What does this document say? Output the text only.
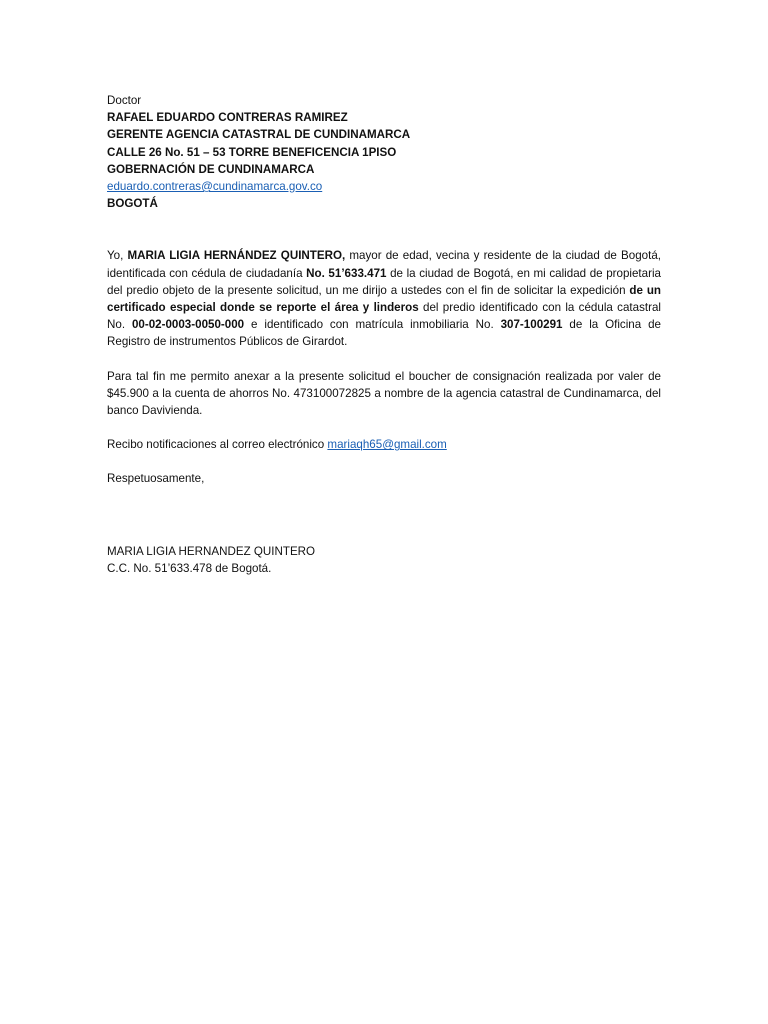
Doctor
RAFAEL EDUARDO CONTRERAS RAMIREZ
GERENTE AGENCIA CATASTRAL DE CUNDINAMARCA
CALLE 26 No. 51 – 53 TORRE BENEFICENCIA 1PISO
GOBERNACIÓN DE CUNDINAMARCA
eduardo.contreras@cundinamarca.gov.co
BOGOTÁ

Yo, MARIA LIGIA HERNÁNDEZ QUINTERO, mayor de edad, vecina y residente de la ciudad de Bogotá, identificada con cédula de ciudadanía No. 51’633.471 de la ciudad de Bogotá, en mi calidad de propietaria del predio objeto de la presente solicitud, un me dirijo a ustedes con el fin de solicitar la expedición de un certificado especial donde se reporte el área y linderos del predio identificado con la cédula catastral No. 00-02-0003-0050-000 e identificado con matrícula inmobiliaria No. 307-100291 de la Oficina de Registro de instrumentos Públicos de Girardot.

Para tal fin me permito anexar a la presente solicitud el boucher de consignación realizada por valer de $45.900 a la cuenta de ahorros No. 473100072825 a nombre de la agencia catastral de Cundinamarca, del banco Davivienda.

Recibo notificaciones al correo electrónico mariaqh65@gmail.com

Respetuosamente,

MARIA LIGIA HERNANDEZ QUINTERO
C.C. No. 51’633.478 de Bogotá.
